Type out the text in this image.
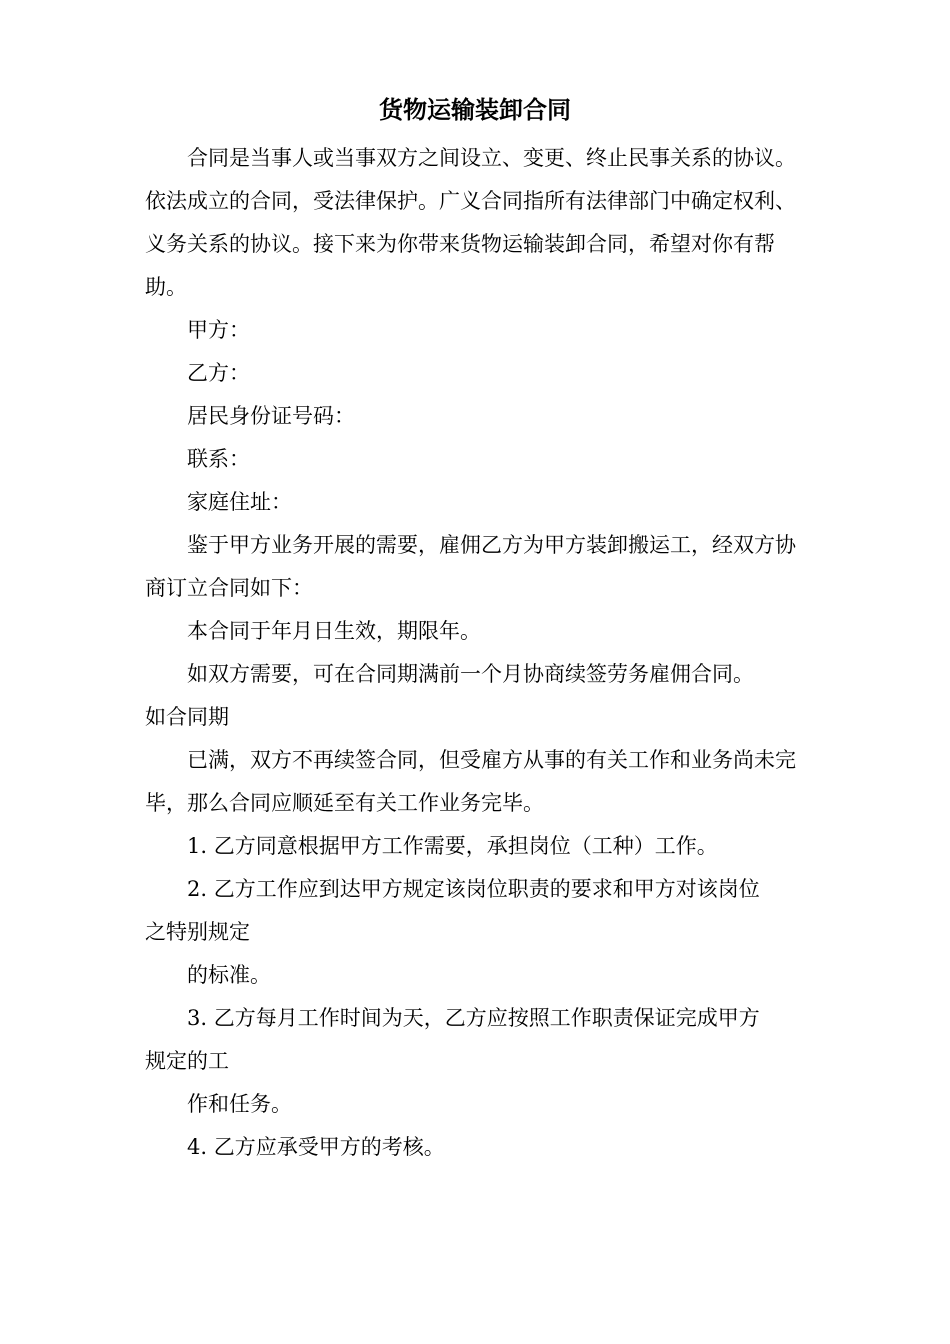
货物运输装卸合同

合同是当事人或当事双方之间设立、变更、终止民事关系的协议。依法成立的合同，受法律保护。广义合同指所有法律部门中确定权利、义务关系的协议。接下来为你带来货物运输装卸合同，希望对你有帮助。

甲方：

乙方：

居民身份证号码：

联系：

家庭住址：

鉴于甲方业务开展的需要，雇佣乙方为甲方装卸搬运工，经双方协商订立合同如下：

本合同于年月日生效，期限年。

如双方需要，可在合同期满前一个月协商续签劳务雇佣合同。

如合同期

已满，双方不再续签合同，但受雇方从事的有关工作和业务尚未完毕，那么合同应顺延至有关工作业务完毕。

1. 乙方同意根据甲方工作需要，承担岗位（工种）工作。

2. 乙方工作应到达甲方规定该岗位职责的要求和甲方对该岗位

之特别规定

的标准。

3. 乙方每月工作时间为天，乙方应按照工作职责保证完成甲方

规定的工

作和任务。

4. 乙方应承受甲方的考核。
